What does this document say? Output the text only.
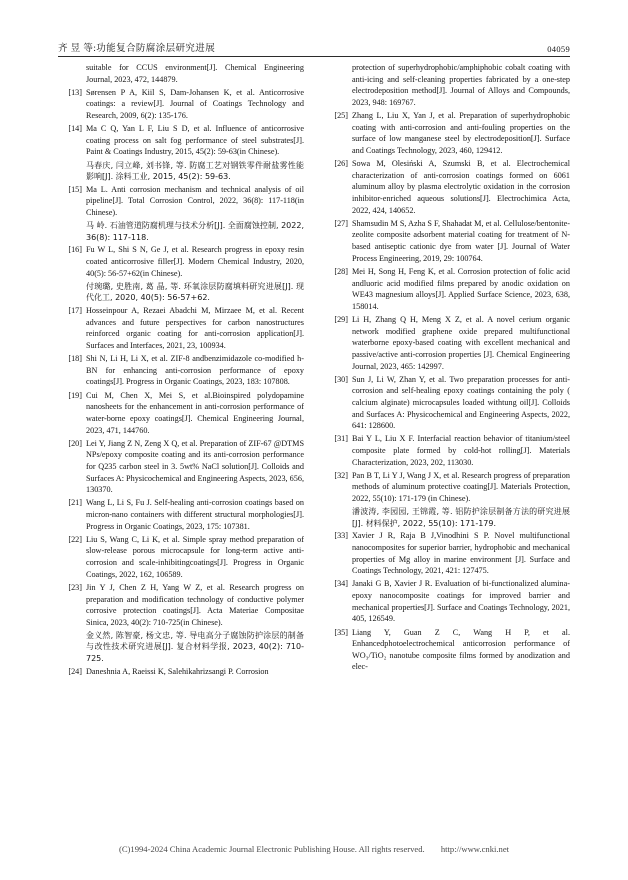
齐 昱 等:功能复合防腐涂层研究进展	04059
suitable for CCUS environment[J]. Chemical Engineering Journal, 2023, 472, 144879.
[13] Sørensen P A, Kiil S, Dam-Johansen K, et al. Anticorrosive coatings: a review[J]. Journal of Coatings Technology and Research, 2009, 6(2): 135-176.
[14] Ma C Q, Yan L F, Liu S D, et al. Influence of anticorrosive coating process on salt fog performance of steel substrates[J]. Paint & Coatings Industry, 2015, 45(2): 59-63(in Chinese).
马春庆, 闫立峰, 刘书锋, 等. 防腐工艺对钢铁零件耐盐雾性能影响[J]. 涂料工业, 2015, 45(2): 59-63.
[15] Ma L. Anti corrosion mechanism and technical analysis of oil pipeline[J]. Total Corrosion Control, 2022, 36(8): 117-118(in Chinese).
马 岭. 石油管道防腐机理与技术分析[J]. 全面腐蚀控制, 2022, 36(8): 117-118.
[16] Fu W L, Shi S N, Ge J, et al. Research progress in epoxy resin coated anticorrosive filler[J]. Modern Chemical Industry, 2020, 40(5): 56-57+62(in Chinese).
付琬璐, 史胜南, 葛 晶, 等. 环氧涂层防腐填料研究进展[J]. 现代化工, 2020, 40(5): 56-57+62.
[17] Hosseinpour A, Rezaei Abadchi M, Mirzaee M, et al. Recent advances and future perspectives for carbon nanostructures reinforced organic coating for anti-corrosion application[J]. Surfaces and Interfaces, 2021, 23, 100934.
[18] Shi N, Li H, Li X, et al. ZIF-8 andbenzimidazole co-modified h-BN for enhancing anti-corrosion performance of epoxy coatings[J]. Progress in Organic Coatings, 2023, 183: 107808.
[19] Cui M, Chen X, Mei S, et al.Bioinspired polydopamine nanosheets for the enhancement in anti-corrosion performance of water-borne epoxy coatings[J]. Chemical Engineering Journal, 2023, 471, 144760.
[20] Lei Y, Jiang Z N, Zeng X Q, et al. Preparation of ZIF-67 @DTMS NPs/epoxy composite coating and its anti-corrosion performance for Q235 carbon steel in 3. 5wt% NaCl solution[J]. Colloids and Surfaces A: Physicochemical and Engineering Aspects, 2023, 656, 130370.
[21] Wang L, Li S, Fu J. Self-healing anti-corrosion coatings based on micron-nano containers with different structural morphologies[J]. Progress in Organic Coatings, 2023, 175: 107381.
[22] Liu S, Wang C, Li K, et al. Simple spray method preparation of slow-release porous microcapsule for long-term active anti-corrosion and scale-inhibitingcoatings[J]. Progress in Organic Coatings, 2022, 162, 106589.
[23] Jin Y J, Chen Z H, Yang W Z, et al. Research progress on preparation and modification technology of conductive polymer corrosive protection coatings[J]. Acta Materiae Compositae Sinica, 2023, 40(2): 710-725(in Chinese).
金义然, 陈智豪, 杨文忠, 等. 导电高分子腐蚀防护涂层的制备与改性技术研究进展[J]. 复合材料学报, 2023, 40(2): 710-725.
[24] Daneshnia A, Raeissi K, Salehikahrizsangi P. Corrosion
protection of superhydrophobic/amphiphobic cobalt coating with anti-icing and self-cleaning properties fabricated by a one-step electrodeposition method[J]. Journal of Alloys and Compounds, 2023, 948: 169767.
[25] Zhang L, Liu X, Yan J, et al. Preparation of superhydrophobic coating with anti-corrosion and anti-fouling properties on the surface of low manganese steel by electrodeposition[J]. Surface and Coatings Technology, 2023, 460, 129412.
[26] Sowa M, Olesiński A, Szumski B, et al. Electrochemical characterization of anti-corrosion coatings formed on 6061 aluminum alloy by plasma electrolytic oxidation in the corrosion inhibitor-enriched aqueous solutions[J]. Electrochimica Acta, 2022, 424, 140652.
[27] Shamsudin M S, Azha S F, Shahadat M, et al. Cellulose/bentonite-zeolite composite adsorbent material coating for treatment of N-based antiseptic cationic dye from water [J]. Journal of Water Process Engineering, 2019, 29: 100764.
[28] Mei H, Song H, Feng K, et al. Corrosion protection of folic acid andluoric acid modified films prepared by anodic oxidation on WE43 magnesium alloys[J]. Applied Surface Science, 2023, 638, 158014.
[29] Li H, Zhang Q H, Meng X Z, et al. A novel cerium organic network modified graphene oxide prepared multifunctional waterborne epoxy-based coating with excellent mechanical and passive/active anti-corrosion properties [J]. Chemical Engineering Journal, 2023, 465: 142997.
[30] Sun J, Li W, Zhan Y, et al. Two preparation processes for anti-corrosion and self-healing epoxy coatings containing the poly ( calcium alginate) microcapsules loaded withtung oil[J]. Colloids and Surfaces A: Physicochemical and Engineering Aspects, 2022, 641: 128600.
[31] Bai Y L, Liu X F. Interfacial reaction behavior of titanium/steel composite plate formed by cold-hot rolling[J]. Materials Characterization, 2023, 202, 113030.
[32] Pan B T, Li Y J, Wang J X, et al. Research progress of preparation methods of aluminum protective coating[J]. Materials Protection, 2022, 55(10): 171-179 (in Chinese).
潘波涛, 李园园, 王锦霞, 等. 铝防护涂层制备方法的研究进展[J]. 材料保护, 2022, 55(10): 171-179.
[33] Xavier J R, Raja B J,Vinodhini S P. Novel multifunctional nanocomposites for superior barrier, hydrophobic and mechanical properties of Mg alloy in marine environment [J]. Surface and Coatings Technology, 2021, 421: 127475.
[34] Janaki G B, Xavier J R. Evaluation of bi-functionalized alumina-epoxy nanocomposite coatings for improved barrier and mechanical properties[J]. Surface and Coatings Technology, 2021, 405, 126549.
[35] Liang Y, Guan Z C, Wang H P, et al. Enhancedphotoelectrochemical anticorrosion performance of WO₃/TiO₂ nanotube composite films formed by anodization and elec-
(C)1994-2024 China Academic Journal Electronic Publishing House. All rights reserved. http://www.cnki.net
